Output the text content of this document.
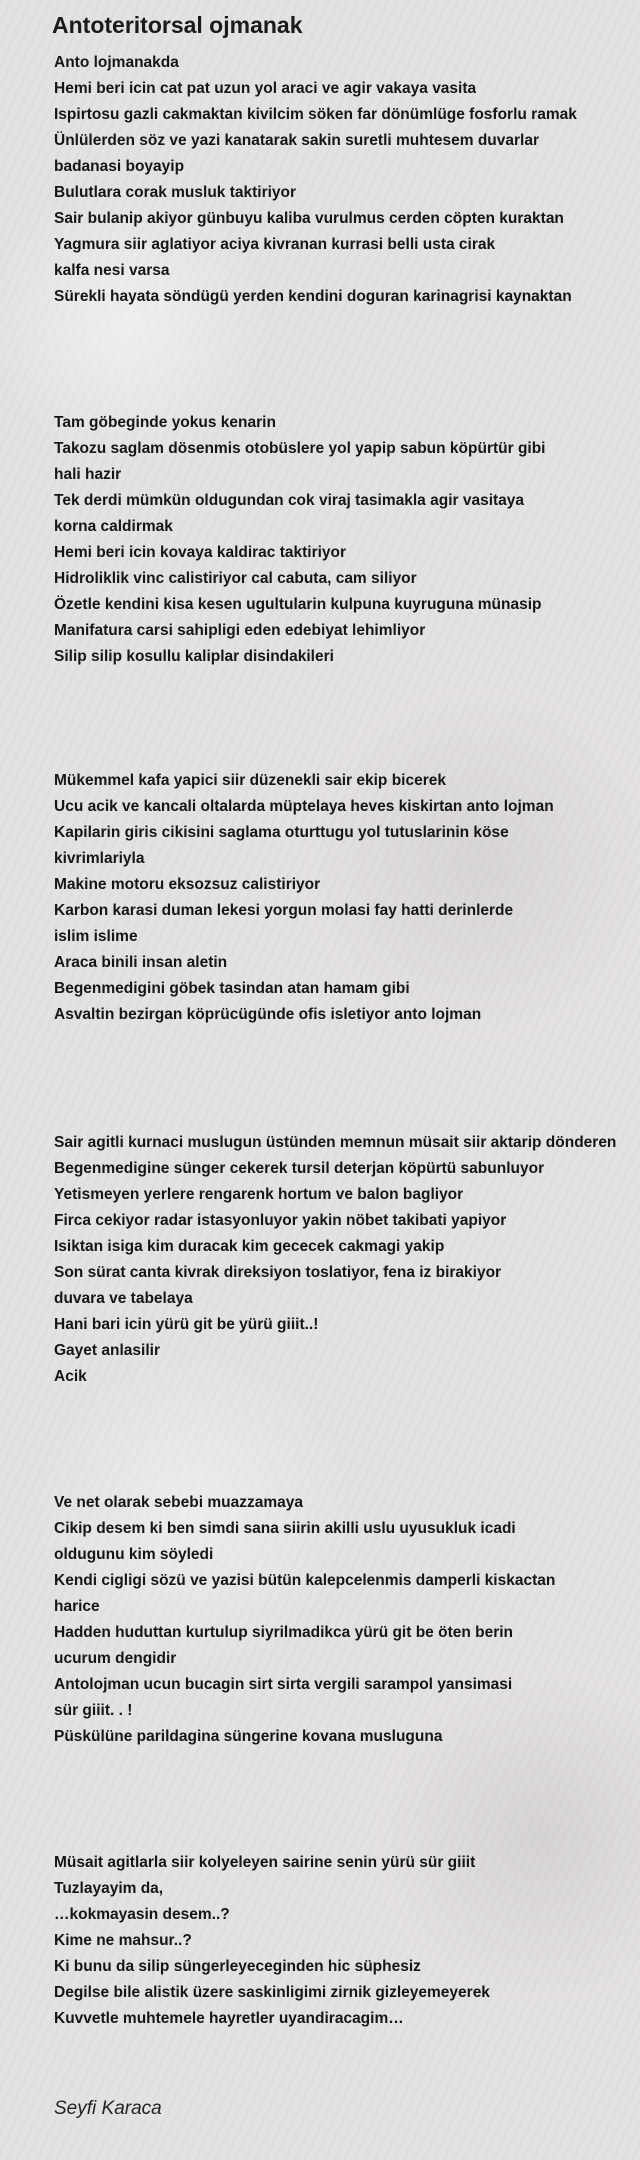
Antoteritorsal ojmanak
Anto lojmanakda
Hemi beri icin cat pat uzun yol araci ve agir vakaya vasita
Ispirtosu gazli cakmaktan kivilcim söken far dönümlüge fosforlu ramak
Ünlülerden söz ve yazi kanatarak sakin suretli muhtesem duvarlar
badanasi boyayip
Bulutlara corak musluk taktiriyor
Sair bulanip akiyor günbuyu kaliba vurulmus cerden cöpten kuraktan
Yagmura siir aglatiyor aciya kivranan kurrasi belli usta cirak
kalfa nesi varsa
Sürekli hayata söndügü yerden kendini doguran karinagrisi kaynaktan
Tam göbeginde yokus kenarin
Takozu saglam dösenmis otobüslere yol yapip sabun köpürtür gibi
hali hazir
Tek derdi mümkün oldugundan cok viraj tasimakla agir vasitaya
korna caldirmak
Hemi beri icin kovaya kaldirac taktiriyor
Hidroliklik vinc calistiriyor cal cabuta, cam siliyor
Özetle kendini kisa kesen ugultularin kulpuna kuyruguna münasip
Manifatura carsi sahipligi eden edebiyat lehimliyor
Silip silip kosullu kaliplar disindakileri
Mükemmel kafa yapici siir düzenekli sair ekip bicerek
Ucu acik ve kancali oltalarda müptelaya heves kiskirtan anto lojman
Kapilarin giris cikisini saglama oturttugu yol tutuslarinin köse
kivrimlariyla
Makine motoru eksozsuz calistiriyor
Karbon karasi duman lekesi yorgun molasi fay hatti derinlerde
islim islime
Araca binili insan aletin
Begenmedigini göbek tasindan atan hamam gibi
Asvaltin bezirgan köprücügünde ofis isletiyor anto lojman
Sair agitli kurnaci muslugun üstünden memnun müsait siir aktarip dönderen
Begenmedigine sünger cekerek tursil deterjan köpürtü sabunluyor
Yetismeyen yerlere rengarenk hortum ve balon bagliyor
Firca cekiyor radar istasyonluyor yakin nöbet takibati yapiyor
Isiktan isiga kim duracak kim gececek cakmagi yakip
Son sürat canta kivrak direksiyon toslatiyor, fena iz birakiyor
duvara ve tabelaya
Hani bari icin yürü git be yürü giiit..!
Gayet anlasilir
Acik
Ve net olarak sebebi muazzamaya
Cikip desem ki ben simdi sana siirin akilli uslu uyusukluk icadi
oldugunu kim söyledi
Kendi cigligi sözü ve yazisi bütün kalepcelenmis damperli kiskactan
harice
Hadden huduttan kurtulup siyrilmadikca yürü git be öten berin
ucurum dengidir
Antolojman ucun bucagin sirt sirta vergili sarampol yansimasi
sür giiit. . !
Püskülüne parildagina süngerine kovana musluguna
Müsait agitlarla siir kolyeleyen sairine senin yürü sür giiit
Tuzlayayim da,
…kokmayasin desem..?
Kime ne mahsur..?
Ki bunu da silip süngerleyeceginden hic süphesiz
Degilse bile alistik üzere saskinligimi zirnik gizleyemeyerek
Kuvvetle muhtemele hayretler uyandiracagim…
Seyfi Karaca
